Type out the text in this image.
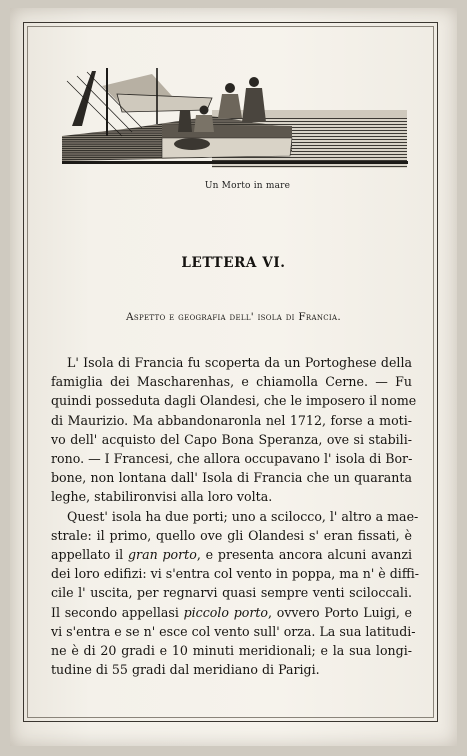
Un Morto in mare
LETTERA VI.
Aspetto e geografia dell' isola di Francia.

L' Isola di Francia fu scoperta da un Portoghese della
famiglia dei Mascharenhas, e chiamolla Cerne. — Fu
quindi posseduta dagli Olandesi, che le imposero il nome
di Maurizio. Ma abbandonaronla nel 1712, forse a moti-
vo dell' acquisto del Capo Bona Speranza, ove si stabili-
rono. — I Francesi, che allora occupavano l' isola di Bor-
bone, non lontana dall' Isola di Francia che un quaranta
leghe, stabilironvisi alla loro volta.

Quest' isola ha due porti; uno a scilocco, l' altro a mae-
strale: il primo, quello ove gli Olandesi s' eran fissati, è
appellato il gran porto, e presenta ancora alcuni avanzi
dei loro edifizi: vi s'entra col vento in poppa, ma n' è diffi-
cile l' uscita, per regnarvi quasi sempre venti sciloccali.
Il secondo appellasi piccolo porto, ovvero Porto Luigi, e
vi s'entra e se n' esce col vento sull' orza. La sua latitudi-
ne è di 20 gradi e 10 minuti meridionali; e la sua longi-
tudine di 55 gradi dal meridiano di Parigi.
